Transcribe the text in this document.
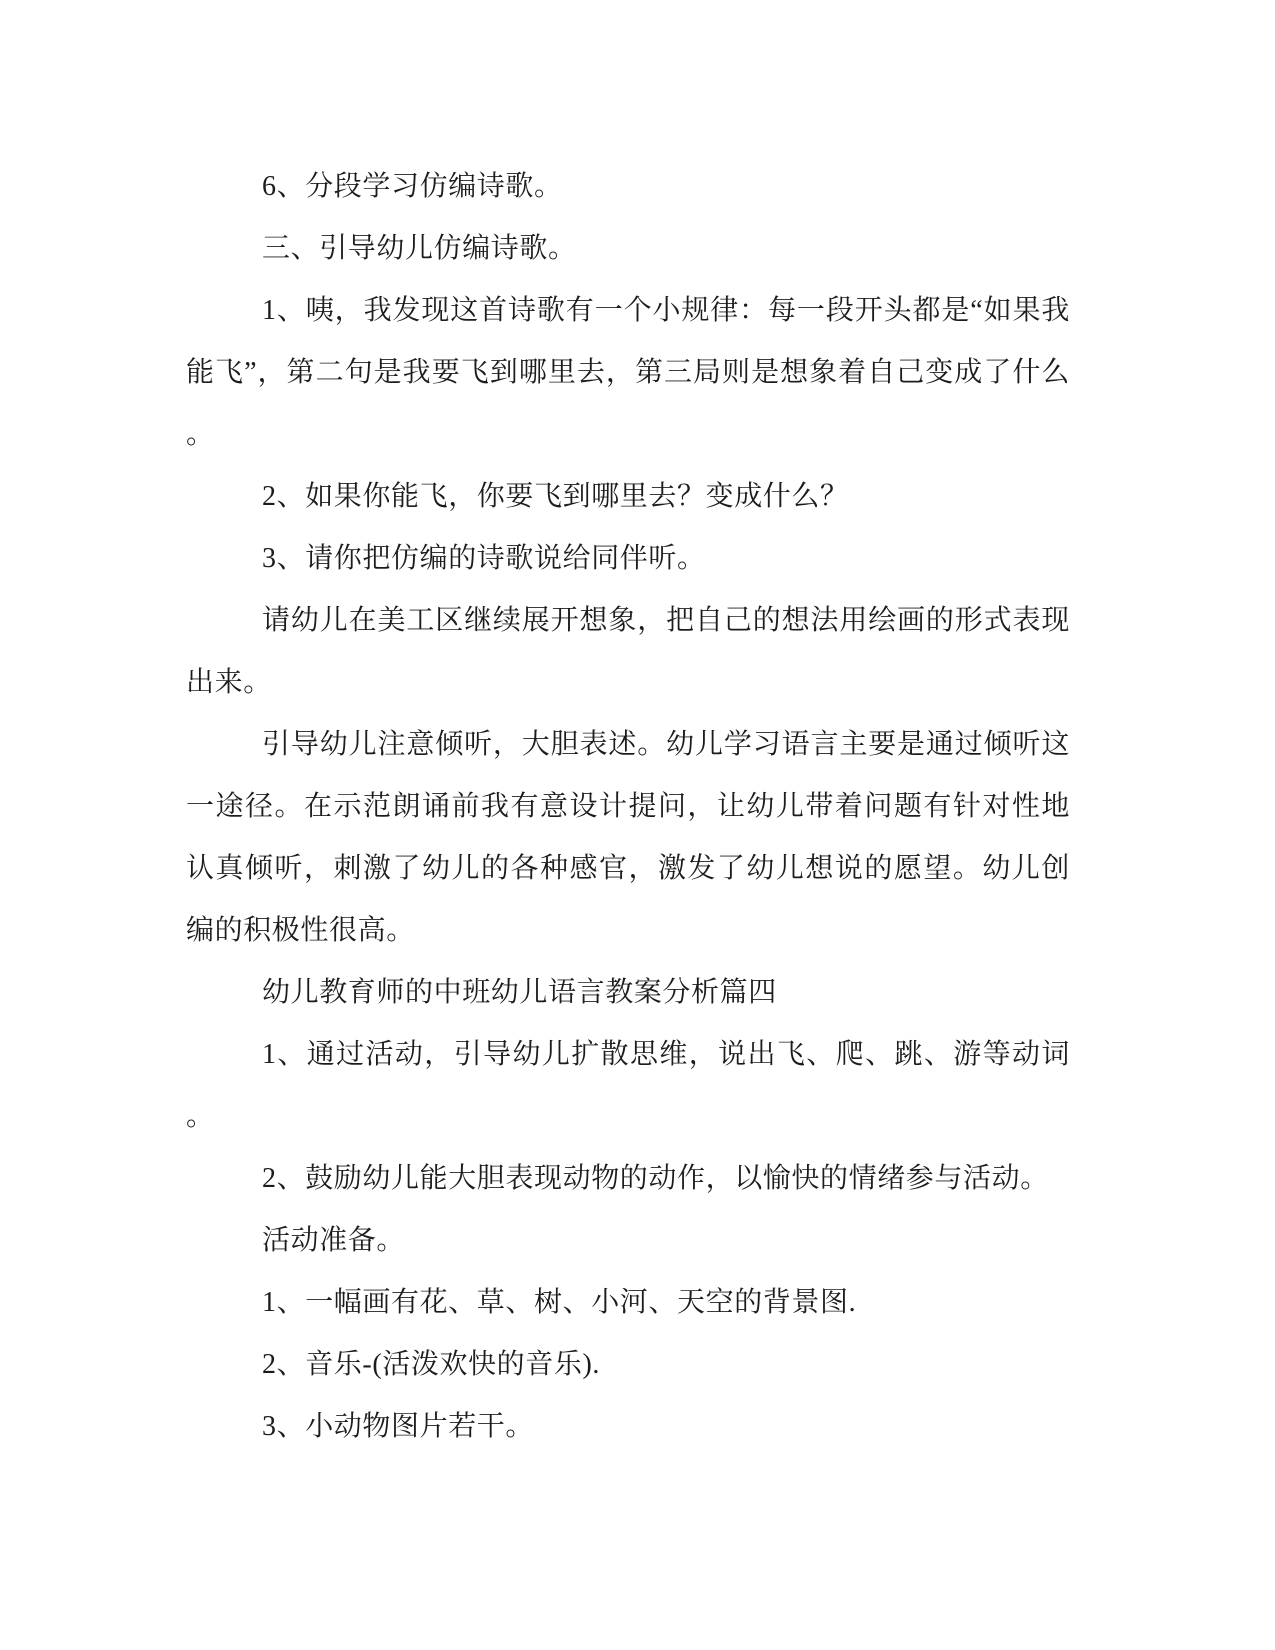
6、分段学习仿编诗歌。
三、引导幼儿仿编诗歌。
1、咦，我发现这首诗歌有一个小规律：每一段开头都是“如果我
能飞”，第二句是我要飞到哪里去，第三局则是想象着自己变成了什么
。
2、如果你能飞，你要飞到哪里去？变成什么？
3、请你把仿编的诗歌说给同伴听。
请幼儿在美工区继续展开想象，把自己的想法用绘画的形式表现
出来。
引导幼儿注意倾听，大胆表述。幼儿学习语言主要是通过倾听这
一途径。在示范朗诵前我有意设计提问，让幼儿带着问题有针对性地
认真倾听，刺激了幼儿的各种感官，激发了幼儿想说的愿望。幼儿创
编的积极性很高。
幼儿教育师的中班幼儿语言教案分析篇四
1、通过活动，引导幼儿扩散思维，说出飞、爬、跳、游等动词
。
2、鼓励幼儿能大胆表现动物的动作，以愉快的情绪参与活动。
活动准备。
1、一幅画有花、草、树、小河、天空的背景图.
2、音乐-(活泼欢快的音乐).
3、小动物图片若干。
